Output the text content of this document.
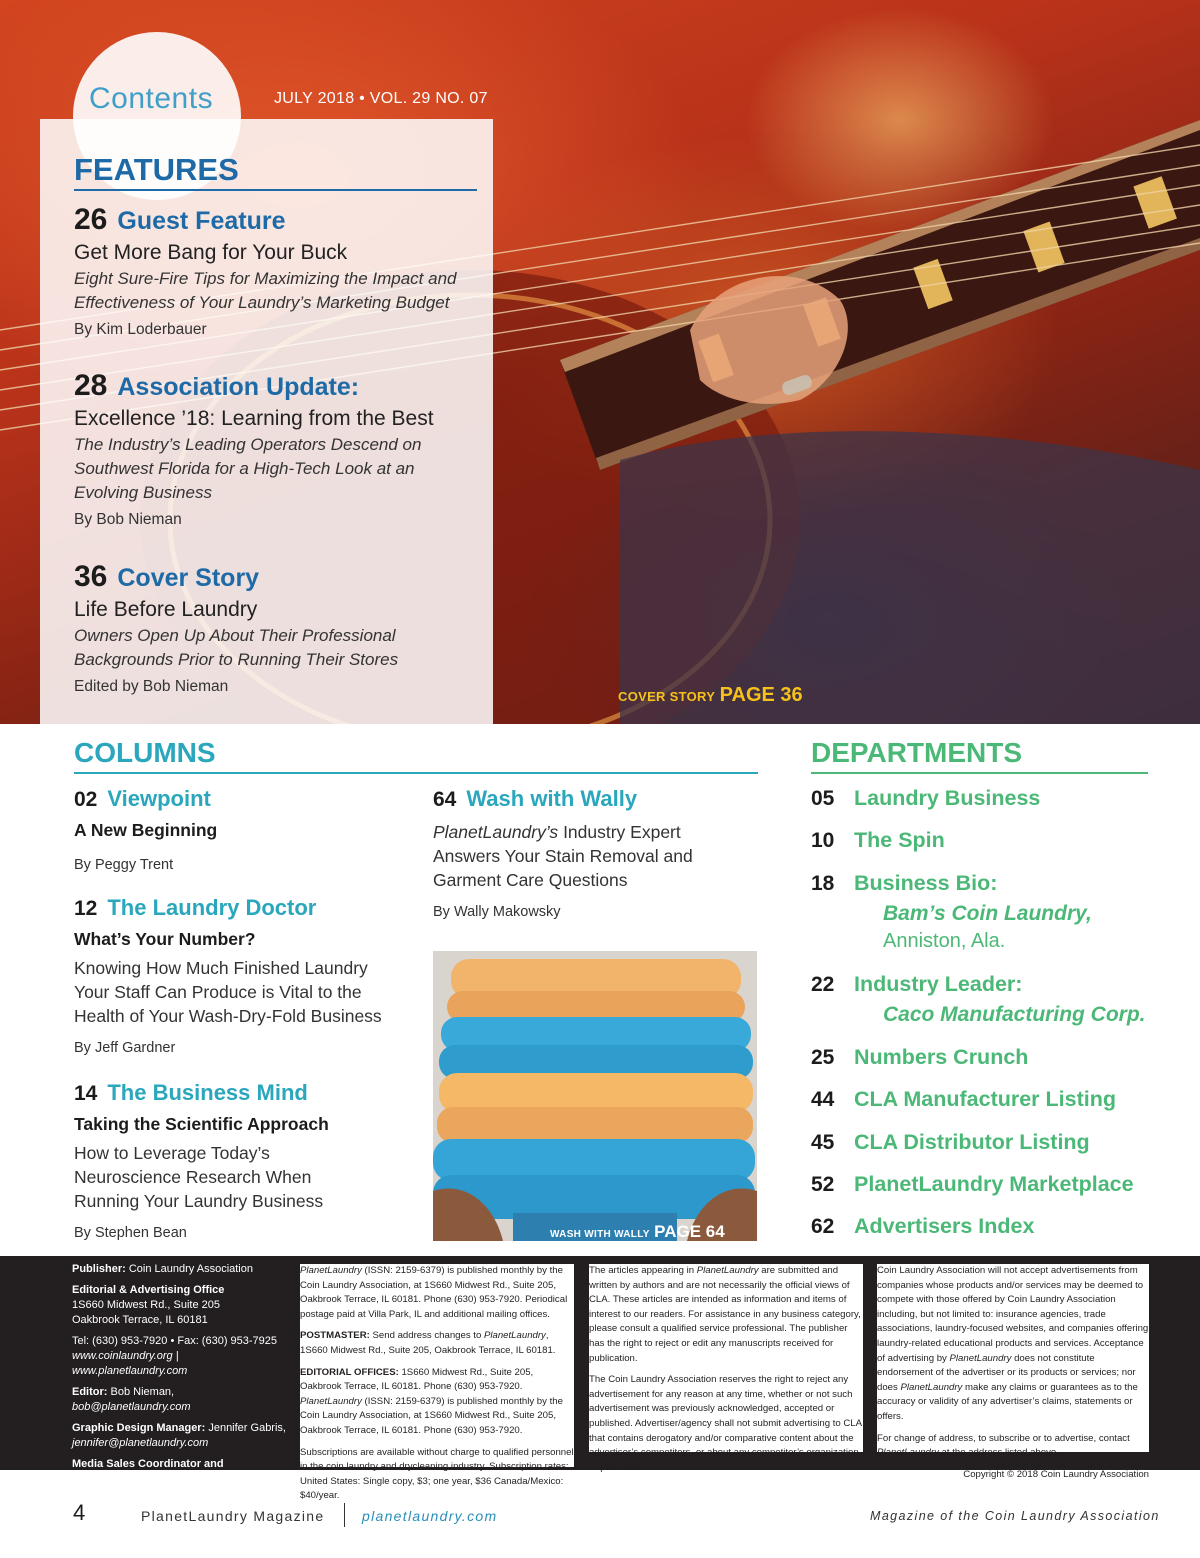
Contents	JULY 2018 • VOL. 29 NO. 07
FEATURES
26 Guest Feature
Get More Bang for Your Buck
Eight Sure-Fire Tips for Maximizing the Impact and
Effectiveness of Your Laundry’s Marketing Budget
By Kim Loderbauer
28 Association Update:
Excellence ’18: Learning from the Best
The Industry’s Leading Operators Descend on
Southwest Florida for a High-Tech Look at an
Evolving Business
By Bob Nieman
36 Cover Story
Life Before Laundry
Owners Open Up About Their Professional
Backgrounds Prior to Running Their Stores
Edited by Bob Nieman
COVER STORY PAGE 36
COLUMNS
02 Viewpoint
A New Beginning
By Peggy Trent
12 The Laundry Doctor
What’s Your Number?
Knowing How Much Finished Laundry
Your Staff Can Produce is Vital to the
Health of Your Wash-Dry-Fold Business
By Jeff Gardner
14 The Business Mind
Taking the Scientific Approach
How to Leverage Today’s
Neuroscience Research When
Running Your Laundry Business
By Stephen Bean
64 Wash with Wally
PlanetLaundry’s Industry Expert
Answers Your Stain Removal and
Garment Care Questions
By Wally Makowsky
WASH WITH WALLY PAGE 64
DEPARTMENTS
05 Laundry Business
10 The Spin
18 Business Bio:
Bam’s Coin Laundry,
Anniston, Ala.
22 Industry Leader:
Caco Manufacturing Corp.
25 Numbers Crunch
44 CLA Manufacturer Listing
45 CLA Distributor Listing
52 PlanetLaundry Marketplace
62 Advertisers Index
Publisher: Coin Laundry Association
Editorial & Advertising Office
1S660 Midwest Rd., Suite 205
Oakbrook Terrace, IL 60181
Tel: (630) 953-7920 • Fax: (630) 953-7925
www.coinlaundry.org | www.planetlaundry.com
Editor: Bob Nieman,
bob@planetlaundry.com
Graphic Design Manager: Jennifer Gabris,
jennifer@planetlaundry.com
Media Sales Coordinator and
Classified Ad Sales: Nika Thomas,
sales@planetlaundry.com

PlanetLaundry (ISSN: 2159-6379) is published monthly by the Coin Laundry Association, at 1S660 Midwest Rd., Suite 205, Oakbrook Terrace, IL 60181. Phone (630) 953-7920. Periodical postage paid at Villa Park, IL and additional mailing offices.

POSTMASTER: Send address changes to PlanetLaundry, 1S660 Midwest Rd., Suite 205, Oakbrook Terrace, IL 60181.

EDITORIAL OFFICES: 1S660 Midwest Rd., Suite 205, Oakbrook Terrace, IL 60181. Phone (630) 953-7920. PlanetLaundry (ISSN: 2159-6379) is published monthly by the Coin Laundry Association, at 1S660 Midwest Rd., Suite 205, Oakbrook Terrace, IL 60181. Phone (630) 953-7920.

Subscriptions are available without charge to qualified personnel in the coin laundry and drycleaning industry. Subscription rates: United States: Single copy, $3; one year, $36 Canada/Mexico: $40/year.

The articles appearing in PlanetLaundry are submitted and written by authors and are not necessarily the official views of CLA. These articles are intended as information and items of interest to our readers. For assistance in any business category, please consult a qualified service professional. The publisher has the right to reject or edit any manuscripts received for publication.

The Coin Laundry Association reserves the right to reject any advertisement for any reason at any time, whether or not such advertisement was previously acknowledged, accepted or published. Advertiser/agency shall not submit advertising to CLA that contains derogatory and/or comparative content about the advertiser’s competitors, or about any competitor’s organization or products.

Coin Laundry Association will not accept advertisements from companies whose products and/or services may be deemed to compete with those offered by Coin Laundry Association including, but not limited to: insurance agencies, trade associations, laundry-focused websites, and companies offering laundry-related educational products and services. Acceptance of advertising by PlanetLaundry does not constitute endorsement of the advertiser or its products or services; nor does PlanetLaundry make any claims or guarantees as to the accuracy or validity of any advertiser’s claims, statements or offers.

For change of address, to subscribe or to advertise, contact PlanetLaundry at the address listed above.

Copyright © 2018 Coin Laundry Association

4	PlanetLaundry Magazine	planetlaundry.com	Magazine of the Coin Laundry Association
